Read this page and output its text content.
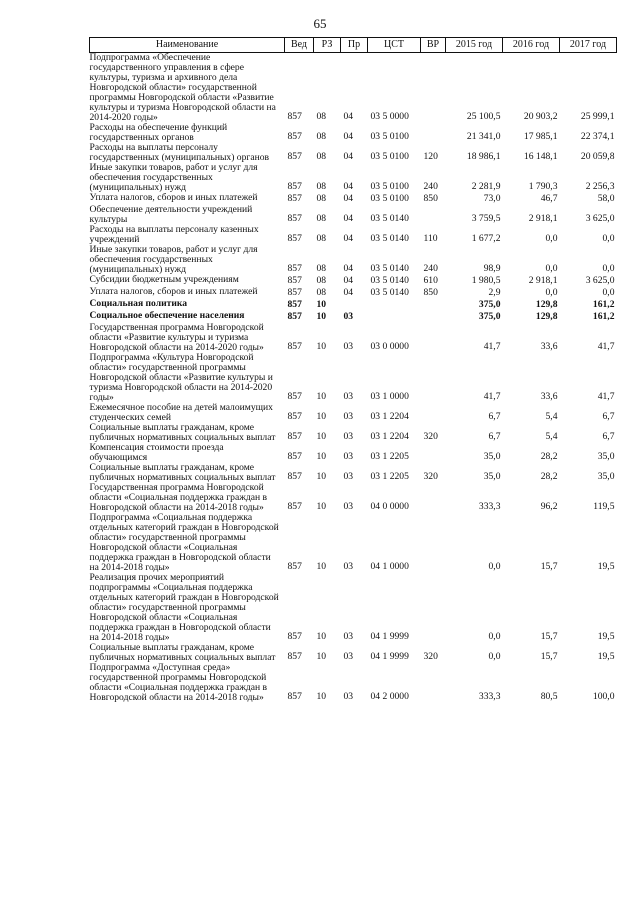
65
Наименование	Вед	РЗ	Пр	ЦСТ	ВР	2015 год	2016 год	2017 год
Подпрограмма «Обеспечение государственного управления в сфере культуры, туризма и архивного дела Новгородской области» государственной программы Новгородской области «Развитие культуры и туризма Новгородской области на 2014-2020 годы»	857	08	04	03 5 0000		25 100,5	20 903,2	25 999,1
Расходы на обеспечение функций государственных органов	857	08	04	03 5 0100		21 341,0	17 985,1	22 374,1
Расходы на выплаты персоналу государственных (муниципальных) органов	857	08	04	03 5 0100	120	18 986,1	16 148,1	20 059,8
Иные закупки товаров, работ и услуг для обеспечения государственных (муниципальных) нужд	857	08	04	03 5 0100	240	2 281,9	1 790,3	2 256,3
Уплата налогов, сборов и иных платежей	857	08	04	03 5 0100	850	73,0	46,7	58,0
Обеспечение деятельности учреждений культуры	857	08	04	03 5 0140		3 759,5	2 918,1	3 625,0
Расходы на выплаты персоналу казенных учреждений	857	08	04	03 5 0140	110	1 677,2	0,0	0,0
Иные закупки товаров, работ и услуг для обеспечения государственных (муниципальных) нужд	857	08	04	03 5 0140	240	98,9	0,0	0,0
Субсидии бюджетным учреждениям	857	08	04	03 5 0140	610	1 980,5	2 918,1	3 625,0
Уплата налогов, сборов и иных платежей	857	08	04	03 5 0140	850	2,9	0,0	0,0
Социальная политика	857	10				375,0	129,8	161,2
Социальное обеспечение населения	857	10	03			375,0	129,8	161,2
Государственная программа Новгородской области «Развитие культуры и туризма Новгородской области на 2014-2020 годы»	857	10	03	03 0 0000		41,7	33,6	41,7
Подпрограмма «Культура Новгородской области» государственной программы Новгородской области «Развитие культуры и туризма Новгородской области на 2014-2020 годы»	857	10	03	03 1 0000		41,7	33,6	41,7
Ежемесячное пособие на детей малоимущих студенческих семей	857	10	03	03 1 2204		6,7	5,4	6,7
Социальные выплаты гражданам, кроме публичных нормативных социальных выплат	857	10	03	03 1 2204	320	6,7	5,4	6,7
Компенсация стоимости проезда обучающимся	857	10	03	03 1 2205		35,0	28,2	35,0
Социальные выплаты гражданам, кроме публичных нормативных социальных выплат	857	10	03	03 1 2205	320	35,0	28,2	35,0
Государственная программа Новгородской области «Социальная поддержка граждан в Новгородской области на 2014-2018 годы»	857	10	03	04 0 0000		333,3	96,2	119,5
Подпрограмма «Социальная поддержка отдельных категорий граждан в Новгородской области» государственной программы Новгородской области «Социальная поддержка граждан в Новгородской области на 2014-2018 годы»	857	10	03	04 1 0000		0,0	15,7	19,5
Реализация прочих мероприятий подпрограммы «Социальная поддержка отдельных категорий граждан в Новгородской области» государственной программы Новгородской области «Социальная поддержка граждан в Новгородской области на 2014-2018 годы»	857	10	03	04 1 9999		0,0	15,7	19,5
Социальные выплаты гражданам, кроме публичных нормативных социальных выплат	857	10	03	04 1 9999	320	0,0	15,7	19,5
Подпрограмма «Доступная среда» государственной программы Новгородской области «Социальная поддержка граждан в Новгородской области на 2014-2018 годы»	857	10	03	04 2 0000		333,3	80,5	100,0
